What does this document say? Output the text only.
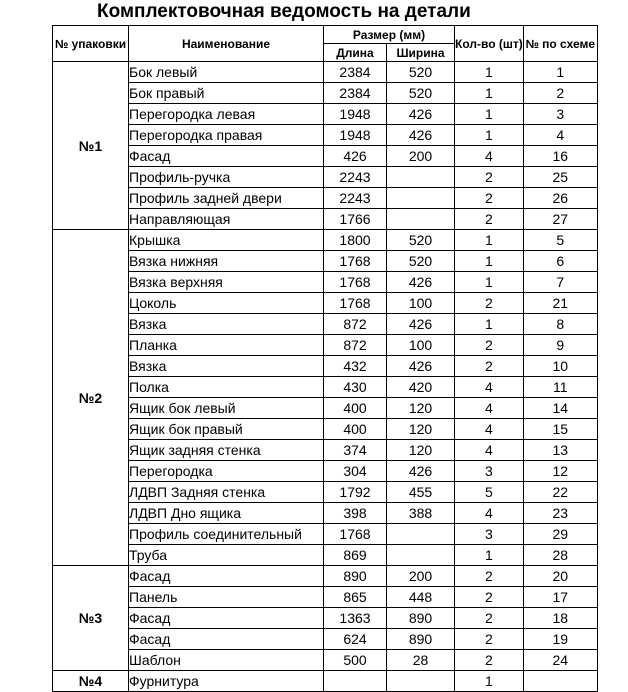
Комплектовочная ведомость на детали
№ упаковки	Наименование	Размер (мм)		Кол-во (шт)	№ по схеме
		Длина	Ширина		
№1	Бок левый	2384	520	1	1
	Бок правый	2384	520	1	2
	Перегородка левая	1948	426	1	3
	Перегородка правая	1948	426	1	4
	Фасад	426	200	4	16
	Профиль-ручка	2243		2	25
	Профиль задней двери	2243		2	26
	Направляющая	1766		2	27
№2	Крышка	1800	520	1	5
	Вязка нижняя	1768	520	1	6
	Вязка верхняя	1768	426	1	7
	Цоколь	1768	100	2	21
	Вязка	872	426	1	8
	Планка	872	100	2	9
	Вязка	432	426	2	10
	Полка	430	420	4	11
	Ящик бок левый	400	120	4	14
	Ящик бок правый	400	120	4	15
	Ящик задняя стенка	374	120	4	13
	Перегородка	304	426	3	12
	ЛДВП Задняя стенка	1792	455	5	22
	ЛДВП Дно ящика	398	388	4	23
	Профиль соединительный	1768		3	29
	Труба	869		1	28
№3	Фасад	890	200	2	20
	Панель	865	448	2	17
	Фасад	1363	890	2	18
	Фасад	624	890	2	19
	Шаблон	500	28	2	24
№4	Фурнитура			1	
